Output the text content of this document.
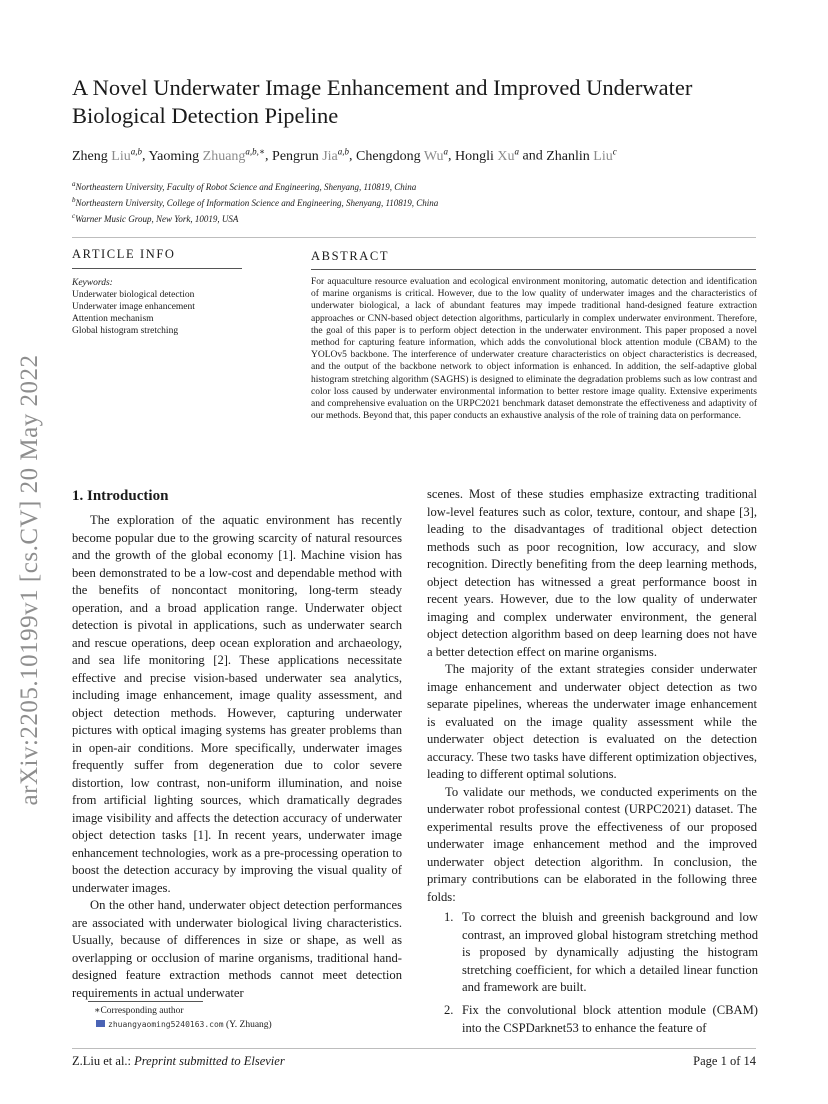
arXiv:2205.10199v1 [cs.CV] 20 May 2022
A Novel Underwater Image Enhancement and Improved Underwater Biological Detection Pipeline
Zheng Liu$^{a,b}$, Yaoming Zhuang$^{a,b,∗}$, Pengrun Jia$^{a,b}$, Chengdong Wu$^a$, Hongli Xu$^a$ and Zhanlin Liu$^c$
$^a$Northeastern University, Faculty of Robot Science and Engineering, Shenyang, 110819, China
$^b$Northeastern University, College of Information Science and Engineering, Shenyang, 110819, China
$^c$Warner Music Group, New York, 10019, USA
ARTICLE INFO
Keywords:
Underwater biological detection
Underwater image enhancement
Attention mechanism
Global histogram stretching
ABSTRACT
For aquaculture resource evaluation and ecological environment monitoring, automatic detection and identification of marine organisms is critical. However, due to the low quality of underwater images and the characteristics of underwater biological, a lack of abundant features may impede traditional hand-designed feature extraction approaches or CNN-based object detection algorithms, particularly in complex underwater environment. Therefore, the goal of this paper is to perform object detection in the underwater environment. This paper proposed a novel method for capturing feature information, which adds the convolutional block attention module (CBAM) to the YOLOv5 backbone. The interference of underwater creature characteristics on object characteristics is decreased, and the output of the backbone network to object information is enhanced. In addition, the self-adaptive global histogram stretching algorithm (SAGHS) is designed to eliminate the degradation problems such as low contrast and color loss caused by underwater environmental information to better restore image quality. Extensive experiments and comprehensive evaluation on the URPC2021 benchmark dataset demonstrate the effectiveness and adaptivity of our methods. Beyond that, this paper conducts an exhaustive analysis of the role of training data on performance.
1. Introduction

The exploration of the aquatic environment has recently become popular due to the growing scarcity of natural resources and the growth of the global economy [1]. Machine vision has been demonstrated to be a low-cost and dependable method with the benefits of noncontact monitoring, long-term steady operation, and a broad application range. Underwater object detection is pivotal in applications, such as underwater search and rescue operations, deep ocean exploration and archaeology, and sea life monitoring [2]. These applications necessitate effective and precise vision-based underwater sea analytics, including image enhancement, image quality assessment, and object detection methods. However, capturing underwater pictures with optical imaging systems has greater problems than in open-air conditions. More specifically, underwater images frequently suffer from degeneration due to color severe distortion, low contrast, non-uniform illumination, and noise from artificial lighting sources, which dramatically degrades image visibility and affects the detection accuracy of underwater object detection tasks [1]. In recent years, underwater image enhancement technologies, work as a pre-processing operation to boost the detection accuracy by improving the visual quality of underwater images.

On the other hand, underwater object detection performances are associated with underwater biological living characteristics. Usually, because of differences in size or shape, as well as overlapping or occlusion of marine organisms, traditional hand-designed feature extraction methods cannot meet detection requirements in actual underwater

scenes. Most of these studies emphasize extracting traditional low-level features such as color, texture, contour, and shape [3], leading to the disadvantages of traditional object detection methods such as poor recognition, low accuracy, and slow recognition. Directly benefiting from the deep learning methods, object detection has witnessed a great performance boost in recent years. However, due to the low quality of underwater imaging and complex underwater environment, the general object detection algorithm based on deep learning does not have a better detection effect on marine organisms.

The majority of the extant strategies consider underwater image enhancement and underwater object detection as two separate pipelines, whereas the underwater image enhancement is evaluated on the image quality assessment while the underwater object detection is evaluated on the detection accuracy. These two tasks have different optimization objectives, leading to different optimal solutions.

To validate our methods, we conducted experiments on the underwater robot professional contest (URPC2021) dataset. The experimental results prove the effectiveness of our proposed underwater image enhancement method and the improved underwater object detection algorithm. In conclusion, the primary contributions can be elaborated in the following three folds:

1. To correct the bluish and greenish background and low contrast, an improved global histogram stretching method is proposed by dynamically adjusting the histogram stretching coefficient, for which a detailed linear function and framework are built.
2. Fix the convolutional block attention module (CBAM) into the CSPDarknet53 to enhance the feature of
∗Corresponding author
zhuangyaoming5240163.com (Y. Zhuang)
Z.Liu et al.: Preprint submitted to Elsevier	Page 1 of 14
